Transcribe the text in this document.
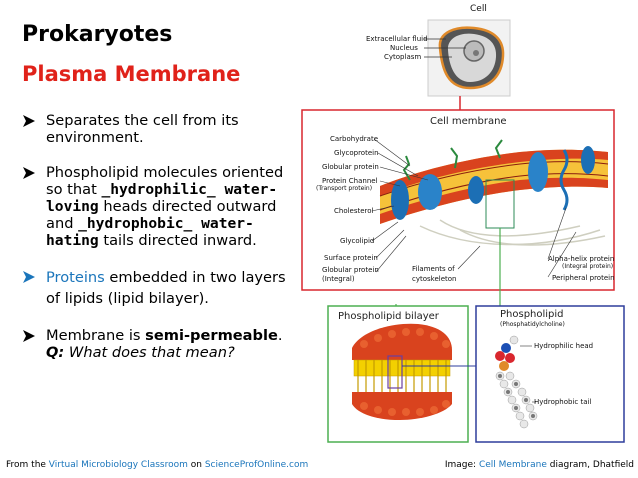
Prokaryotes
Plasma Membrane
Separates the cell from its environment.
Phospholipid molecules oriented so that _hydrophilic_ water-loving heads directed outward and _hydrophobic_ water-hating tails directed inward.
Proteins embedded in two layers of lipids (lipid bilayer).
Membrane is semi-permeable.
Q: What does that mean?
Cell
Extracellular fluid
Nucleus
Cytoplasm
Cell membrane
Carbohydrate
Glycoprotein
Globular protein
Protein Channel
(Transport protein)
Cholesterol
Glycolipid
Surface protein
Globular protein
(Integral)
Filaments of
cytoskeleton
Alpha-helix protein
(Integral protein)
Peripheral protein
Phospholipid bilayer	Phospholipid
(Phosphatidylcholine)
Hydrophilic head
Hydrophobic tail
From the Virtual Microbiology Classroom on ScienceProfOnline.com	Image: Cell Membrane diagram, Dhatfield
